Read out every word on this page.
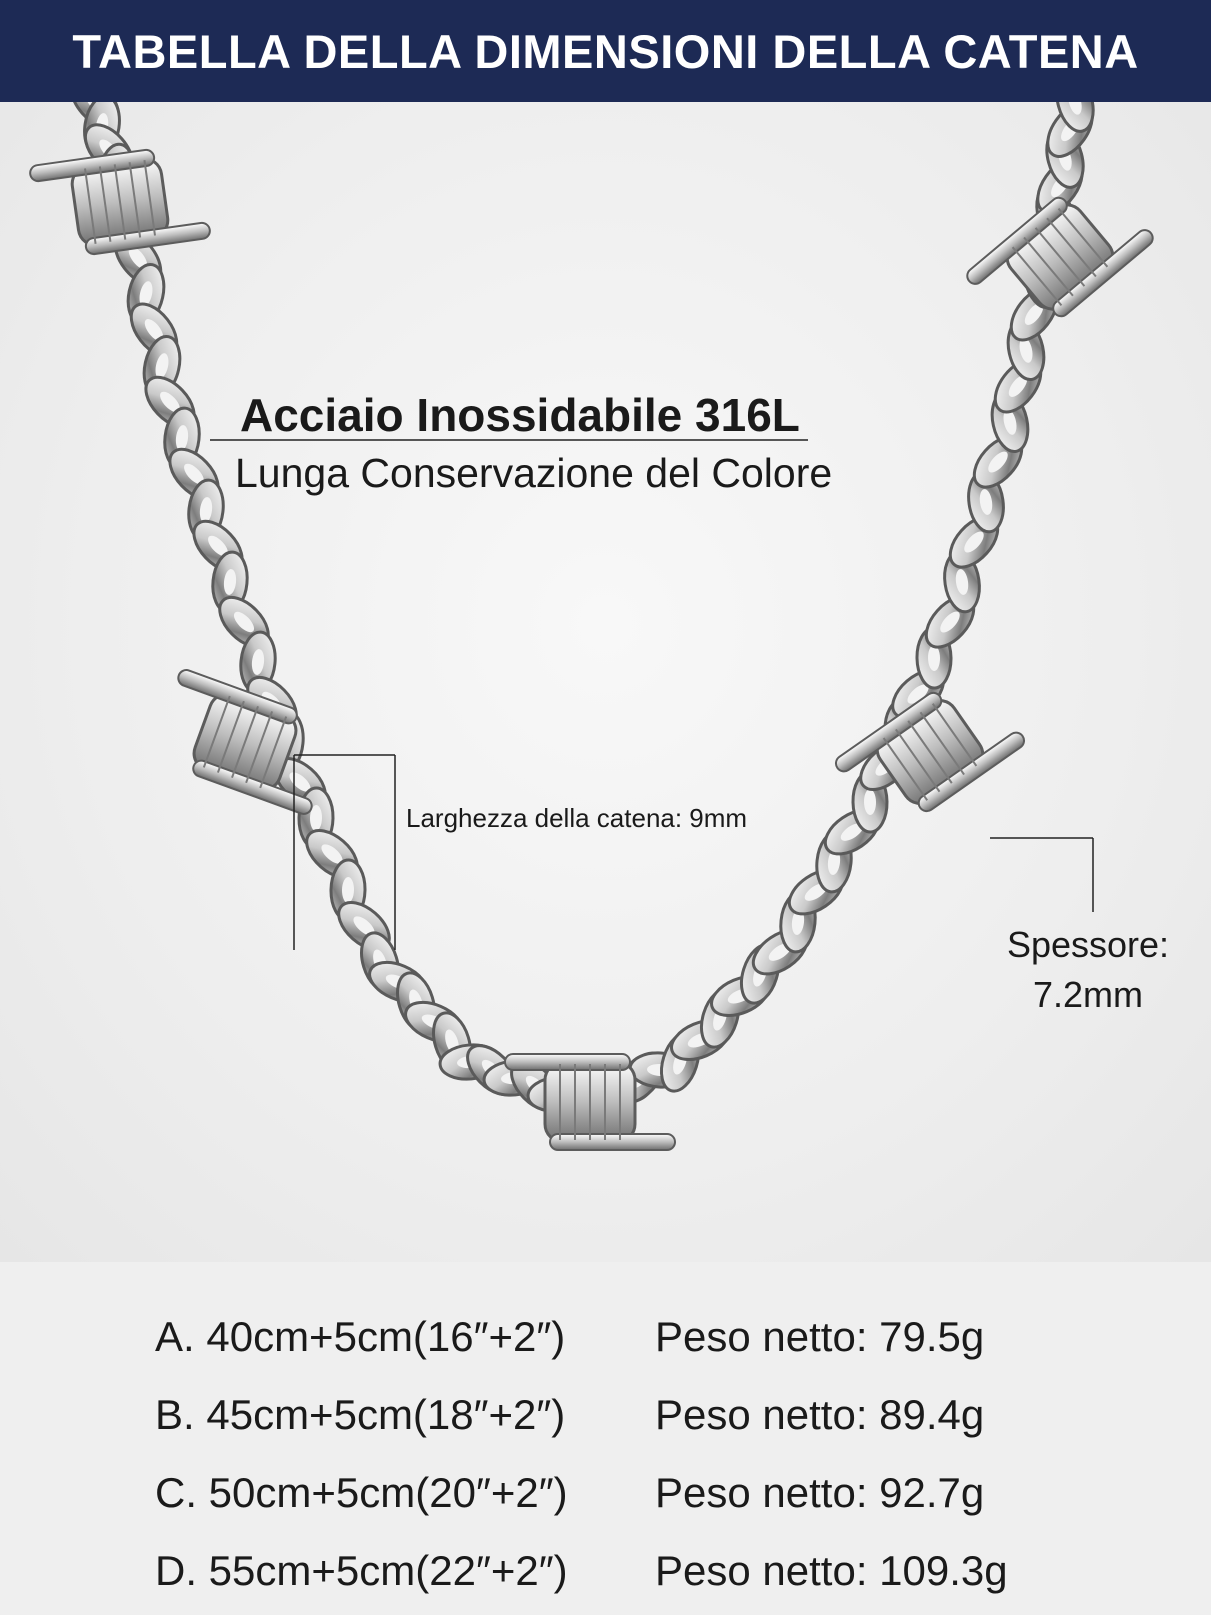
TABELLA DELLA DIMENSIONI DELLA CATENA
Acciaio Inossidabile 316L
Lunga Conservazione del Colore
Larghezza della catena: 9mm
Spessore:
7.2mm
A. 40cm+5cm(16″+2″)	Peso netto: 79.5g
B. 45cm+5cm(18″+2″)	Peso netto: 89.4g
C. 50cm+5cm(20″+2″)	Peso netto: 92.7g
D. 55cm+5cm(22″+2″)	Peso netto: 109.3g
